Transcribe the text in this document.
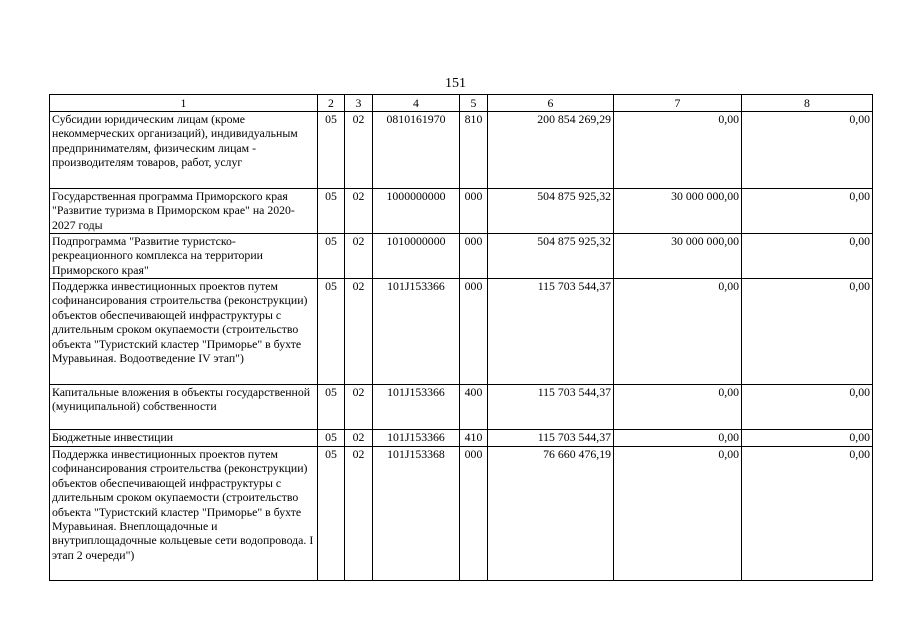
151
1	2	3	4	5	6	7	8
Субсидии юридическим лицам (кроме некоммерческих организаций), индивидуальным предпринимателям, физическим лицам - производителям товаров, работ, услуг	05	02	0810161970	810	200 854 269,29	0,00	0,00
Государственная программа Приморского края "Развитие туризма в Приморском крае" на 2020-2027 годы	05	02	1000000000	000	504 875 925,32	30 000 000,00	0,00
Подпрограмма "Развитие туристско-рекреационного комплекса на территории Приморского края"	05	02	1010000000	000	504 875 925,32	30 000 000,00	0,00
Поддержка инвестиционных проектов путем софинансирования строительства (реконструкции) объектов обеспечивающей инфраструктуры с длительным сроком окупаемости (строительство объекта "Туристский кластер "Приморье" в бухте Муравьиная. Водоотведение IV этап")	05	02	101J153366	000	115 703 544,37	0,00	0,00
Капитальные вложения в объекты государственной (муниципальной) собственности	05	02	101J153366	400	115 703 544,37	0,00	0,00
Бюджетные инвестиции	05	02	101J153366	410	115 703 544,37	0,00	0,00
Поддержка инвестиционных проектов путем софинансирования строительства (реконструкции) объектов обеспечивающей инфраструктуры с длительным сроком окупаемости (строительство объекта "Туристский кластер "Приморье" в бухте Муравьиная. Внеплощадочные и внутриплощадочные кольцевые сети водопровода. I этап 2 очереди")	05	02	101J153368	000	76 660 476,19	0,00	0,00
